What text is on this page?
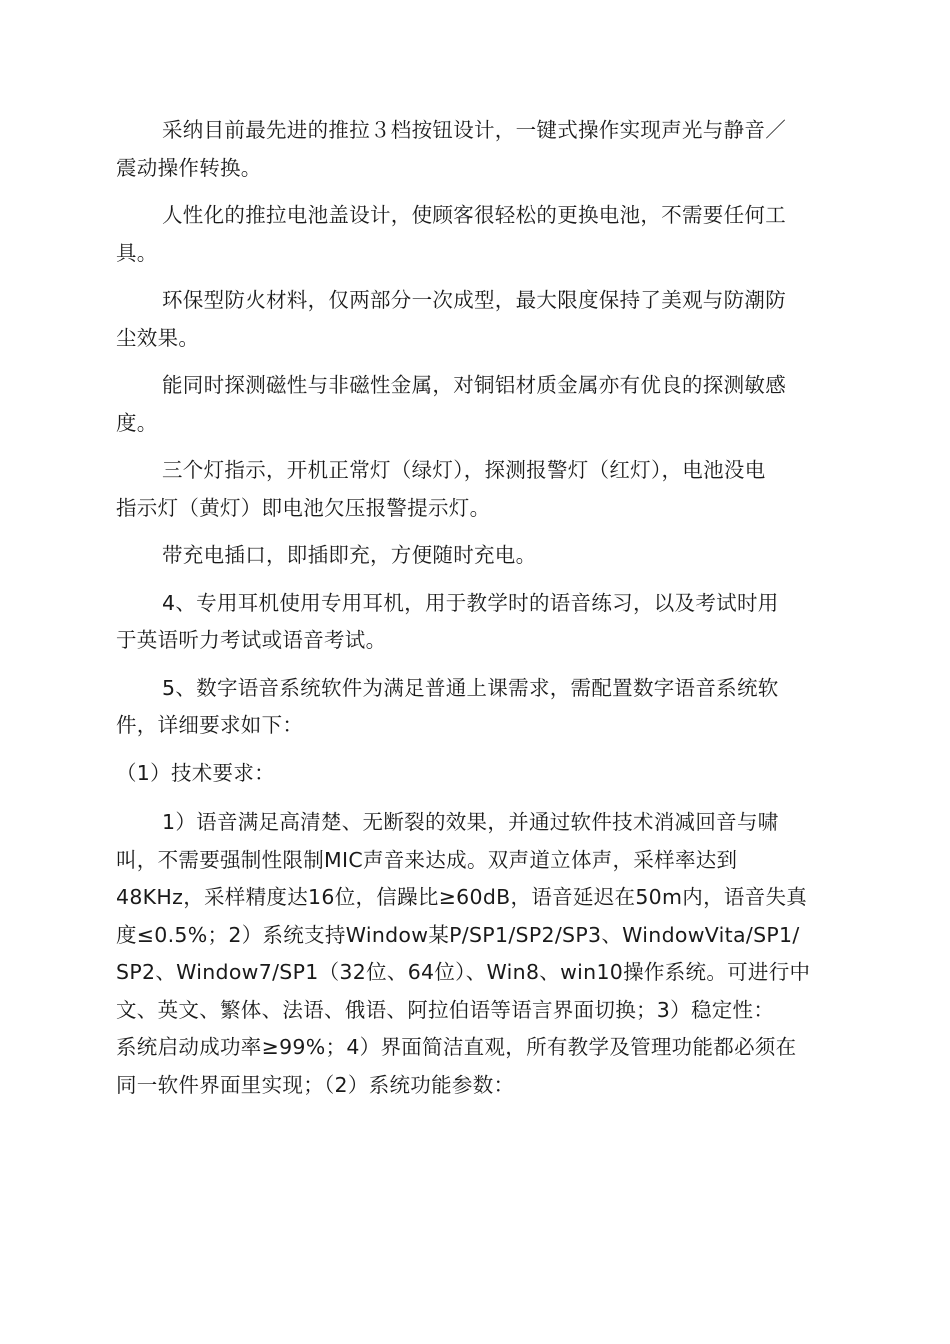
采纳目前最先进的推拉３档按钮设计，一键式操作实现声光与静音／
震动操作转换。
人性化的推拉电池盖设计，使顾客很轻松的更换电池，不需要任何工
具。
环保型防火材料，仅两部分一次成型，最大限度保持了美观与防潮防
尘效果。
能同时探测磁性与非磁性金属，对铜铝材质金属亦有优良的探测敏感
度。
三个灯指示，开机正常灯（绿灯），探测报警灯（红灯），电池没电
指示灯（黄灯）即电池欠压报警提示灯。
带充电插口，即插即充，方便随时充电。
4、专用耳机使用专用耳机，用于教学时的语音练习，以及考试时用
于英语听力考试或语音考试。
5、数字语音系统软件为满足普通上课需求，需配置数字语音系统软
件，详细要求如下：
（1）技术要求：
1）语音满足高清楚、无断裂的效果，并通过软件技术消减回音与啸
叫，不需要强制性限制MIC声音来达成。双声道立体声，采样率达到
48KHz，采样精度达16位，信躁比≥60dB，语音延迟在50m内，语音失真
度≤0.5%；2）系统支持Window某P/SP1/SP2/SP3、WindowVita/SP1/
SP2、Window7/SP1（32位、64位）、Win8、win10操作系统。可进行中
文、英文、繁体、法语、俄语、阿拉伯语等语言界面切换；3）稳定性：
系统启动成功率≥99%；4）界面简洁直观，所有教学及管理功能都必须在
同一软件界面里实现；（2）系统功能参数：
